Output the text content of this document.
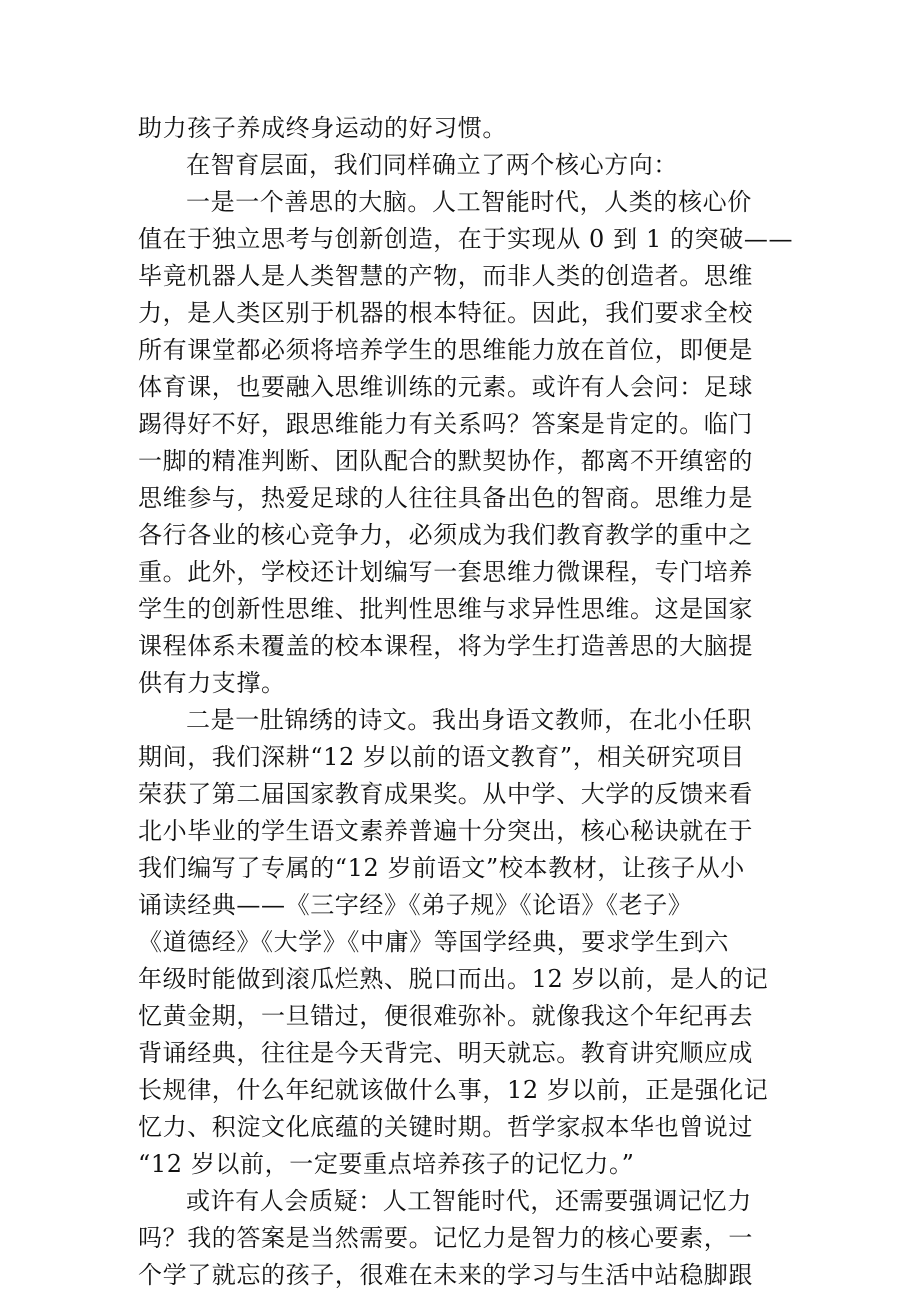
助力孩子养成终身运动的好习惯。
在智育层面，我们同样确立了两个核心方向：
一是一个善思的大脑。人工智能时代，人类的核心价
值在于独立思考与创新创造，在于实现从 0 到 1 的突破——
毕竟机器人是人类智慧的产物，而非人类的创造者。思维
力，是人类区别于机器的根本特征。因此，我们要求全校
所有课堂都必须将培养学生的思维能力放在首位，即便是
体育课，也要融入思维训练的元素。或许有人会问：足球
踢得好不好，跟思维能力有关系吗？答案是肯定的。临门
一脚的精准判断、团队配合的默契协作，都离不开缜密的
思维参与，热爱足球的人往往具备出色的智商。思维力是
各行各业的核心竞争力，必须成为我们教育教学的重中之
重。此外，学校还计划编写一套思维力微课程，专门培养
学生的创新性思维、批判性思维与求异性思维。这是国家
课程体系未覆盖的校本课程，将为学生打造善思的大脑提
供有力支撑。
二是一肚锦绣的诗文。我出身语文教师，在北小任职
期间，我们深耕“12 岁以前的语文教育”，相关研究项目
荣获了第二届国家教育成果奖。从中学、大学的反馈来看
北小毕业的学生语文素养普遍十分突出，核心秘诀就在于
我们编写了专属的“12 岁前语文”校本教材，让孩子从小
诵读经典——《三字经》《弟子规》《论语》《老子》
《道德经》《大学》《中庸》等国学经典，要求学生到六
年级时能做到滚瓜烂熟、脱口而出。12 岁以前，是人的记
忆黄金期，一旦错过，便很难弥补。就像我这个年纪再去
背诵经典，往往是今天背完、明天就忘。教育讲究顺应成
长规律，什么年纪就该做什么事，12 岁以前，正是强化记
忆力、积淀文化底蕴的关键时期。哲学家叔本华也曾说过
“12 岁以前，一定要重点培养孩子的记忆力。”
或许有人会质疑：人工智能时代，还需要强调记忆力
吗？我的答案是当然需要。记忆力是智力的核心要素，一
个学了就忘的孩子，很难在未来的学习与生活中站稳脚跟
